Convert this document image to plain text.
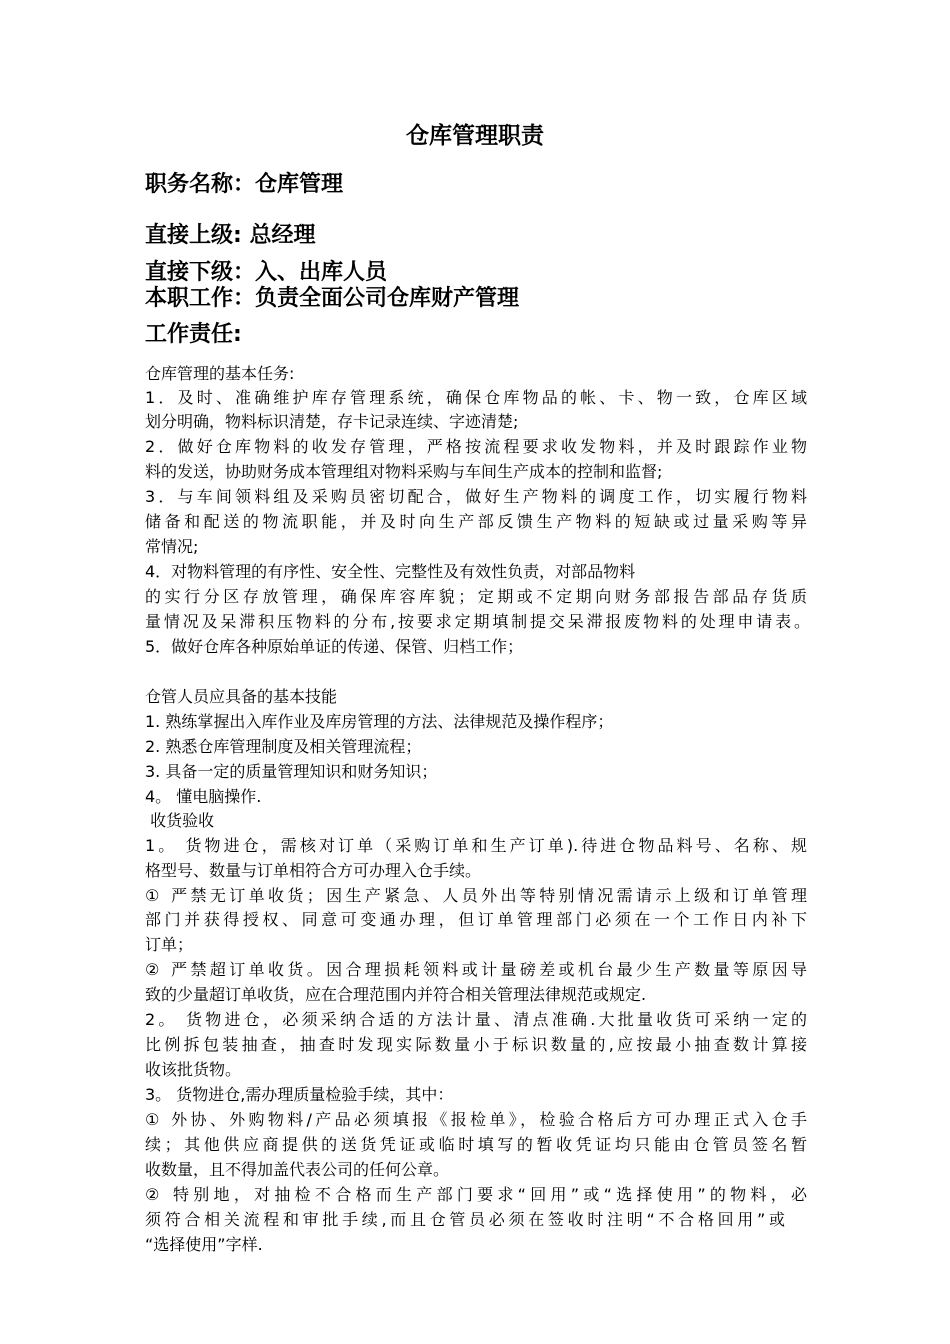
仓库管理职责
职务名称：仓库管理
直接上级: 总经理
直接下级：入、出库人员
本职工作：负责全面公司仓库财产管理
工作责任:
仓库管理的基本任务:
1．及时、准确维护库存管理系统，确保仓库物品的帐、卡、物一致，仓库区域
划分明确，物料标识清楚，存卡记录连续、字迹清楚;
2．做好仓库物料的收发存管理，严格按流程要求收发物料，并及时跟踪作业物
料的发送，协助财务成本管理组对物料采购与车间生产成本的控制和监督;
3．与车间领料组及采购员密切配合，做好生产物料的调度工作，切实履行物料
储备和配送的物流职能，并及时向生产部反馈生产物料的短缺或过量采购等异
常情况;
4．对物料管理的有序性、安全性、完整性及有效性负责，对部品物料
的实行分区存放管理，确保库容库貌；定期或不定期向财务部报告部品存货质
量情况及呆滞积压物料的分布,按要求定期填制提交呆滞报废物料的处理申请表。
5．做好仓库各种原始单证的传递、保管、归档工作；
仓管人员应具备的基本技能
1. 熟练掌握出入库作业及库房管理的方法、法律规范及操作程序；
2. 熟悉仓库管理制度及相关管理流程；
3. 具备一定的质量管理知识和财务知识；
4。 懂电脑操作.
收货验收
1。 货物进仓，需核对订单（采购订单和生产订单).待进仓物品料号、名称、规
格型号、数量与订单相符合方可办理入仓手续。
① 严禁无订单收货；因生产紧急、人员外出等特别情况需请示上级和订单管理
部门并获得授权、同意可变通办理，但订单管理部门必须在一个工作日内补下
订单；
② 严禁超订单收货。因合理损耗领料或计量磅差或机台最少生产数量等原因导
致的少量超订单收货，应在合理范围内并符合相关管理法律规范或规定.
2。 货物进仓，必须采纳合适的方法计量、清点准确.大批量收货可采纳一定的
比例拆包装抽查，抽查时发现实际数量小于标识数量的,应按最小抽查数计算接
收该批货物。
3。 货物进仓,需办理质量检验手续，其中：
① 外协、外购物料/产品必须填报《报检单》，检验合格后方可办理正式入仓手
续；其他供应商提供的送货凭证或临时填写的暂收凭证均只能由仓管员签名暂
收数量，且不得加盖代表公司的任何公章。
② 特别地，对抽检不合格而生产部门要求“回用”或“选择使用”的物料，必
须符合相关流程和审批手续,而且仓管员必须在签收时注明“不合格回用”或
“选择使用”字样.
